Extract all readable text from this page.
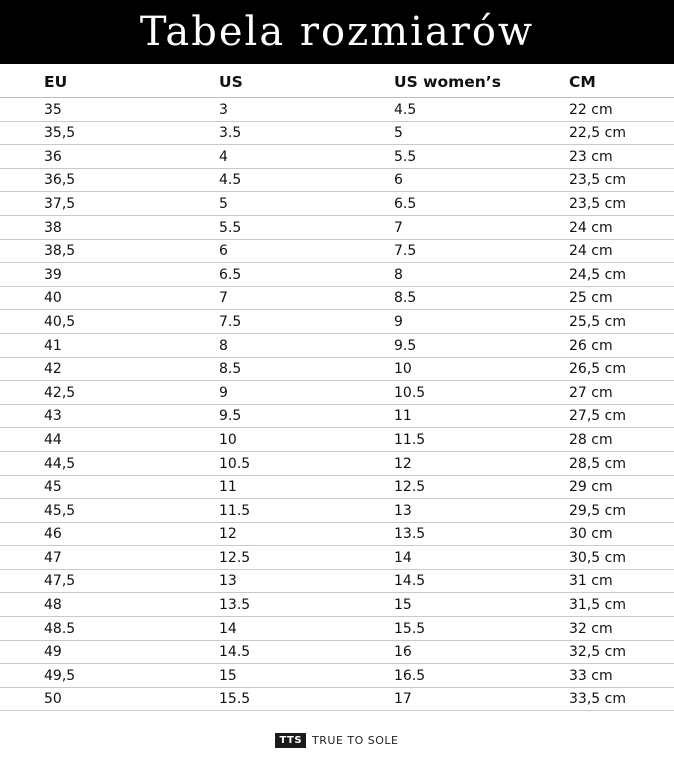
Tabela rozmiarów
EU	US	US women’s	CM
35	3	4.5	22 cm
35,5	3.5	5	22,5 cm
36	4	5.5	23 cm
36,5	4.5	6	23,5 cm
37,5	5	6.5	23,5 cm
38	5.5	7	24 cm
38,5	6	7.5	24 cm
39	6.5	8	24,5 cm
40	7	8.5	25 cm
40,5	7.5	9	25,5 cm
41	8	9.5	26 cm
42	8.5	10	26,5 cm
42,5	9	10.5	27 cm
43	9.5	11	27,5 cm
44	10	11.5	28 cm
44,5	10.5	12	28,5 cm
45	11	12.5	29 cm
45,5	11.5	13	29,5 cm
46	12	13.5	30 cm
47	12.5	14	30,5 cm
47,5	13	14.5	31 cm
48	13.5	15	31,5 cm
48.5	14	15.5	32 cm
49	14.5	16	32,5 cm
49,5	15	16.5	33 cm
50	15.5	17	33,5 cm
TTS TRUE TO SOLE
